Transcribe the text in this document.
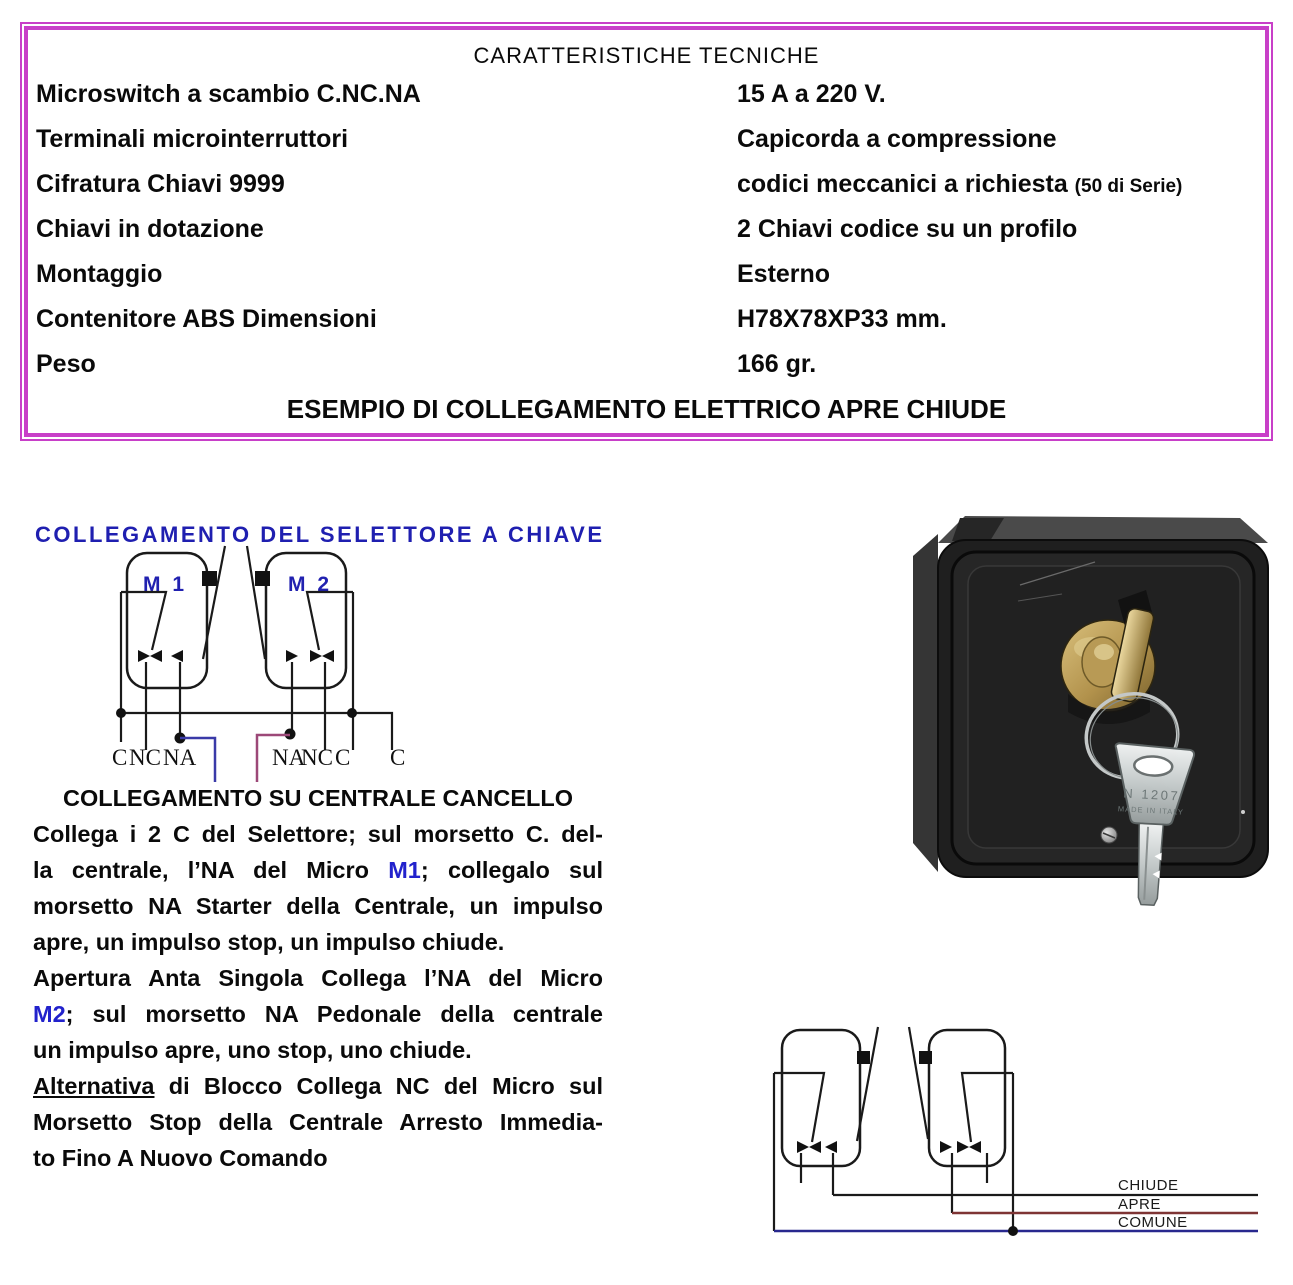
CARATTERISTICHE TECNICHE
Microswitch a scambio C.NC.NA	15 A a 220 V.
Terminali microinterruttori	Capicorda a compressione
Cifratura Chiavi 9999	codici meccanici a richiesta (50 di Serie)
Chiavi in dotazione	2 Chiavi codice su un profilo
Montaggio	Esterno
Contenitore ABS Dimensioni	H78X78XP33 mm.
Peso	166 gr.
ESEMPIO DI COLLEGAMENTO ELETTRICO APRE CHIUDE
COLLEGAMENTO DEL SELETTORE A CHIAVE
M 1	M 2
C NC NA	NA
NC C C
COLLEGAMENTO SU CENTRALE CANCELLO
Collega i 2 C del Selettore; sul morsetto C. del-
la centrale, l’NA del Micro M1; collegalo sul
morsetto NA Starter della Centrale, un impulso
apre, un impulso stop, un impulso chiude.
Apertura Anta Singola Collega l’NA del Micro
M2; sul morsetto NA Pedonale della centrale
un impulso apre, uno stop, uno chiude.
Alternativa di Blocco Collega NC del Micro sul
Morsetto Stop della Centrale Arresto Immedia-
to Fino A Nuovo Comando
N 1207
MADE IN ITALY
CHIUDE
APRE
COMUNE
